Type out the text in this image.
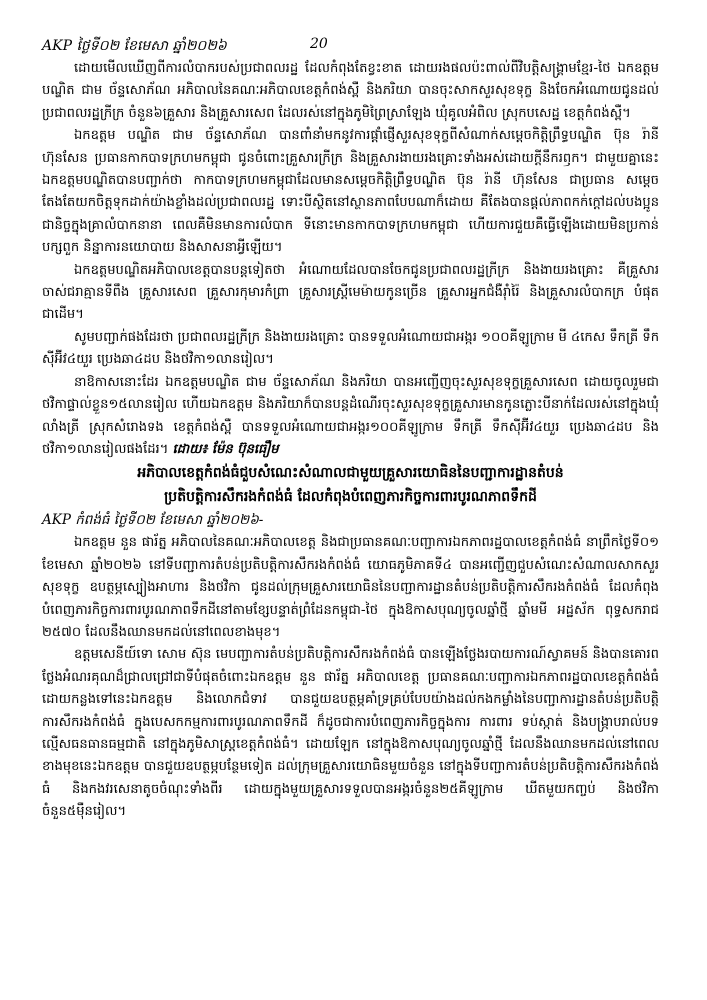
AKP ថ្ងៃទី០២ ខែមេសា ឆ្នាំ២០២៦	20

ដោយមើលឃើញពីការលំបាករបស់ប្រជាពលរដ្ឋ ដែលកំពុងតែខ្វះខាត ដោយរងផលប៉ះពាល់ពីវិបត្តិសង្គ្រាមខ្មែរ-ថៃ ឯកឧត្តមបណ្ឌិត ជាម ច័ន្ទសោភ័ណ អភិបាលនៃគណៈអភិបាលខេត្តកំពង់ស្ពឺ និងភរិយា បានចុះសាកសួរសុខទុក្ខ និងចែកអំណោយជូនដល់ប្រជាពលរដ្ឋក្រីក្រ ចំនួន៦គ្រួសារ និងគ្រួសារសេព ដែលរស់នៅក្នុងភូមិព្រៃស្រាឡែង ឃុំគូលអំពិល ស្រុកបសេដ្ឋ ខេត្តកំពង់ស្ពឺ។

ឯកឧត្តម បណ្ឌិត ជាម ច័ន្ទសោភ័ណ បានពាំនាំមកនូវការផ្តាំផ្ញើសួរសុខទុក្ខពីសំណាក់សម្តេចកិត្តិព្រឹទ្ធបណ្ឌិត ប៊ុន រ៉ានី ហ៊ុនសែន ប្រធានកាកបាទក្រហមកម្ពុជា ជូនចំពោះគ្រួសារក្រីក្រ និងគ្រួសារងាយរងគ្រោះទាំងអស់ដោយក្តីនឹករឭក។ ជាមួយគ្នានេះ ឯកឧត្តមបណ្ឌិតបានបញ្ជាក់ថា កាកបាទក្រហមកម្ពុជាដែលមានសម្តេចកិត្តិព្រឹទ្ធបណ្ឌិត ប៊ុន រ៉ានី ហ៊ុនសែន ជាប្រធាន សម្តេចតែងតែយកចិត្តទុកដាក់យ៉ាងខ្លាំងដល់ប្រជាពលរដ្ឋ ទោះបីស្ថិតនៅស្ថានភាពបែបណាក៏ដោយ គឺតែងបានផ្តល់ភាពកក់ក្តៅដល់បងប្អូនជានិច្ចក្នុងគ្រាលំបាកនានា ពេលគឺមិនមានការលំបាក ទីនោះមានកាកបាទក្រហមកម្ពុជា ហើយការជួយគឺធ្វើឡើងដោយមិនប្រកាន់បក្សពួក និន្នាការនយោបាយ និងសាសនាអ្វីឡើយ។

ឯកឧត្តមបណ្ឌិតអភិបាលខេត្តបានបន្តទៀតថា អំណោយដែលបានចែកជូនប្រជាពលរដ្ឋក្រីក្រ និងងាយរងគ្រោះ គឺគ្រួសារចាស់ជរាគ្មានទីពឹង គ្រួសារសេព គ្រួសារកុមារកំព្រា គ្រួសារស្រ្តីមេម៉ាយកូនច្រើន គ្រួសារអ្នកជំងឺរ៉ាំរ៉ៃ និងគ្រួសារលំបាកក្រ បំផុតជាដើម។

សូមបញ្ជាក់ផងដែរថា ប្រជាពលរដ្ឋក្រីក្រ និងងាយរងគ្រោះ បានទទួលអំណោយជាអង្ករ ១០០គីឡូក្រាម មី ៤កេស ទឹកត្រី ទឹកស៊ីអ៊ីវ៤យួរ ប្រេងឆា៤ដប និងថវិកា១លានរៀល។

នាឱកាសនោះដែរ ឯកឧត្តមបណ្ឌិត ជាម ច័ន្ទសោភ័ណ និងភរិយា បានអញ្ជើញចុះសួរសុខទុក្ខគ្រួសារសេព ដោយចូលរួមជាថវិកាផ្ទាល់ខ្លួន១៥លានរៀល ហើយឯកឧត្តម និងភរិយាក៏បានបន្តដំណើរចុះសួរសុខទុក្ខគ្រួសារមានកូនភ្លោះបីនាក់ដែលរស់នៅក្នុងឃុំលាំងត្រី ស្រុកសំរោងទង ខេត្តកំពង់ស្ពឺ បានទទួលអំណោយជាអង្ករ១០០គីឡូក្រាម ទឹកត្រី ទឹកស៊ីអ៊ីវ៤យួរ ប្រេងឆា៤ដប និងថវិកា១លានរៀលផងដែរ។ ដោយ៖ ម៉ែន ប៊ុនធឿម

អភិបាលខេត្តកំពង់ធំជួបសំណេះសំណាលជាមួយគ្រួសារយោធិននៃបញ្ជាការដ្ឋានតំបន់

ប្រតិបត្តិការសឹករងកំពង់ធំ ដែលកំពុងបំពេញភារកិច្ចការពារបូរណភាពទឹកដី

AKP កំពង់ធំ ថ្ងៃទី០២ ខែមេសា ឆ្នាំ២០២៦-

ឯកឧត្តម នួន ផារ័ត្ន អភិបាលនៃគណៈអភិបាលខេត្ត និងជាប្រធានគណៈបញ្ជាការឯកភាពរដ្ឋបាលខេត្តកំពង់ធំ នាព្រឹកថ្ងៃទី០១ ខែមេសា ឆ្នាំ២០២៦ នៅទីបញ្ជាការតំបន់ប្រតិបត្តិការសឹករងកំពង់ធំ យោធភូមិភាគទី៤ បានអញ្ជើញជួបសំណេះសំណាលសាកសួរសុខទុក្ខ ឧបត្ថម្ភស្បៀងអាហារ និងថវិកា ជូនដល់ក្រុមគ្រួសារយោធិននៃបញ្ជាការដ្ឋានតំបន់ប្រតិបត្តិការសឹករងកំពង់ធំ ដែលកំពុងបំពេញភារកិច្ចការពារបូរណភាពទឹកដីនៅតាមខ្សែបន្ទាត់ព្រំដែនកម្ពុជា-ថៃ ក្នុងឱកាសបុណ្យចូលឆ្នាំថ្មី ឆ្នាំមមី អដ្ឋស័ក ពុទ្ធសករាជ ២៥៧០ ដែលនឹងឈានមកដល់នៅពេលខាងមុខ។

ឧត្តមសេនីយ៍ទោ សោម ស៊ុន មេបញ្ជាការតំបន់ប្រតិបត្តិការសឹករងកំពង់ធំ បានឡើងថ្លែងរបាយការណ៍ស្វាគមន៍ និងបានគោរពថ្លែងអំណរគុណដ៏ជ្រាលជ្រៅជាទីបំផុតចំពោះឯកឧត្តម នួន ផារ័ត្ន អភិបាលខេត្ត ប្រធានគណៈបញ្ជាការឯកភាពរដ្ឋបាលខេត្តកំពង់ធំ ដោយកន្លងទៅនេះឯកឧត្តម និងលោកជំទាវ បានជួយឧបត្ថម្ភគាំទ្រគ្រប់បែបយ៉ាងដល់កងកម្លាំងនៃបញ្ជាការដ្ឋានតំបន់ប្រតិបត្តិការសឹករងកំពង់ធំ ក្នុងបេសកកម្មការពារបូរណភាពទឹកដី ក៏ដូចជាការបំពេញភារកិច្ចក្នុងការ ការពារ ទប់ស្កាត់ និងបង្ក្រាបរាល់បទល្មើសធនធានធម្មជាតិ នៅក្នុងភូមិសាស្រ្តខេត្តកំពង់ធំ។ ដោយឡែក នៅក្នុងឱកាសបុណ្យចូលឆ្នាំថ្មី ដែលនឹងឈានមកដល់នៅពេលខាងមុខនេះឯកឧត្តម បានជួយឧបត្ថម្ភបន្ថែមទៀត ដល់ក្រុមគ្រួសារយោធិនមួយចំនួន នៅក្នុងទីបញ្ជាការតំបន់ប្រតិបត្តិការសឹករងកំពង់ធំ និងកងវរសេនាតូចចំណុះទាំងពីរ ដោយក្នុងមួយគ្រួសារទទួលបានអង្ករចំនួន២៥គីឡូក្រាម ឃីតមួយកញ្ចប់ និងថវិកាចំនួន៥ម៉ឺនរៀល។
